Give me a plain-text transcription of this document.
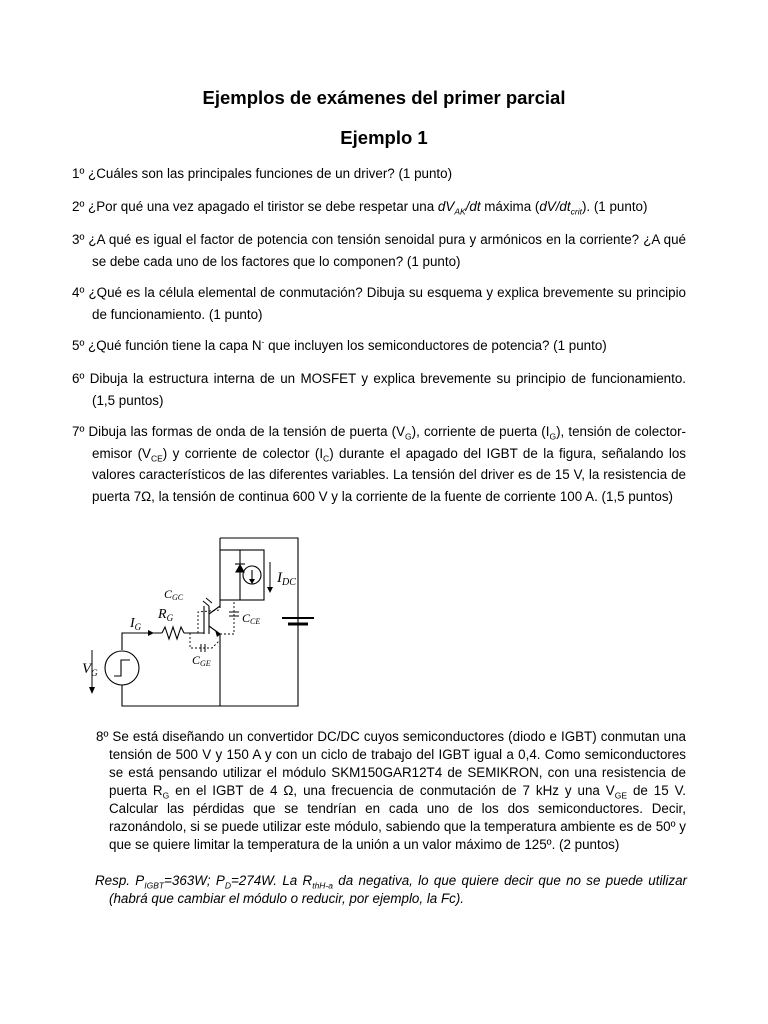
Ejemplos de exámenes del primer parcial
Ejemplo 1
1º ¿Cuáles son las principales funciones de un driver? (1 punto)
2º ¿Por qué una vez apagado el tiristor se debe respetar una $dV_{AK}/dt$ máxima $(dV/dt_{crit})$. (1 punto)
3º ¿A qué es igual el factor de potencia con tensión senoidal pura y armónicos en la corriente? ¿A qué se debe cada uno de los factores que lo componen? (1 punto)
4º ¿Qué es la célula elemental de conmutación? Dibuja su esquema y explica brevemente su principio de funcionamiento. (1 punto)
5º ¿Qué función tiene la capa N- que incluyen los semiconductores de potencia? (1 punto)
6º Dibuja la estructura interna de un MOSFET y explica brevemente su principio de funcionamiento. (1,5 puntos)
7º Dibuja las formas de onda de la tensión de puerta $(V_G)$, corriente de puerta $(I_G)$, tensión de colector-emisor $(V_{CE})$ y corriente de colector $(I_C)$ durante el apagado del IGBT de la figura, señalando los valores característicos de las diferentes variables. La tensión del driver es de 15 V, la resistencia de puerta 7Ω, la tensión de continua 600 V y la corriente de la fuente de corriente 100 A. (1,5 puntos)
$I_{DC}$
CGC
$R_G$
$I_G$
CCE
CGE
$V_G$
8º Se está diseñando un convertidor DC/DC cuyos semiconductores (diodo e IGBT) conmutan una tensión de 500 V y 150 A y con un ciclo de trabajo del IGBT igual a 0,4. Como semiconductores se está pensando utilizar el módulo SKM150GAR12T4 de SEMIKRON, con una resistencia de puerta $R_G$ en el IGBT de 4 Ω, una frecuencia de conmutación de 7 kHz y una $V_{GE}$ de 15 V. Calcular las pérdidas que se tendrían en cada uno de los dos semiconductores. Decir, razonándolo, si se puede utilizar este módulo, sabiendo que la temperatura ambiente es de 50º y que se quiere limitar la temperatura de la unión a un valor máximo de 125º. (2 puntos)
Resp. $P_{IGBT}=363W$; $P_D=274W$. La $R_{thH-a}$ da negativa, lo que quiere decir que no se puede utilizar (habrá que cambiar el módulo o reducir, por ejemplo, la Fc).
